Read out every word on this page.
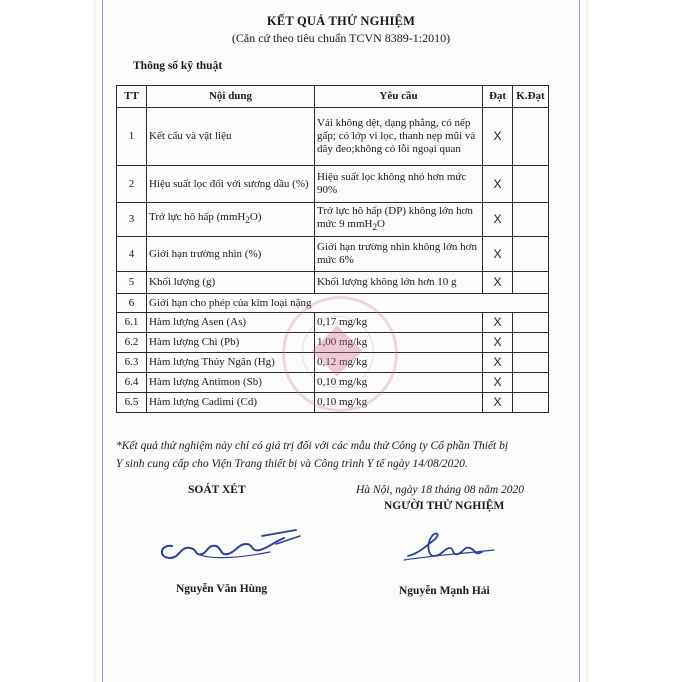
KẾT QUẢ THỬ NGHIỆM
(Căn cứ theo tiêu chuẩn TCVN 8389-1:2010)
Thông số kỹ thuật
TT	Nội dung	Yêu cầu	Đạt	K.Đạt
1	Kết cấu và vật liệu	Vải không dệt, dạng phẳng, có nếp gấp; có lớp vi lọc, thanh nẹp mũi và dây đeo;không có lỗi ngoại quan	X	
2	Hiệu suất lọc đối với sương dầu (%)	Hiệu suất lọc không nhỏ hơn mức 90%	X	
3	Trở lực hô hấp (mmH$_2$O)	Trở lực hô hấp (DP) không lớn hơn mức 9 mmH$_2$O	X	
4	Giới hạn trường nhìn (%)	Giới hạn trường nhìn không lớn hơn mức 6%	X	
5	Khối lượng (g)	Khối lượng không lớn hơn 10 g	X	
6	Giới hạn cho phép của kim loại nặng			
6.1	Hàm lượng Asen (As)	0,17 mg/kg	X	
6.2	Hàm lượng Chì (Pb)	1,00 mg/kg	X	
6.3	Hàm lượng Thủy Ngân (Hg)	0,12 mg/kg	X	
6.4	Hàm lượng Antimon (Sb)	0,10 mg/kg	X	
6.5	Hàm lượng Cadimi (Cd)	0,10 mg/kg	X	
*Kết quả thử nghiệm này chỉ có giá trị đối với các mẫu thử Công ty Cổ phần Thiết bị
Y sinh cung cấp cho Viện Trang thiết bị và Công trình Y tế ngày 14/08/2020.
SOÁT XÉT	Hà Nội, ngày 18 tháng 08 năm 2020
NGƯỜI THỬ NGHIỆM
Nguyễn Văn Hùng	Nguyễn Mạnh Hải
